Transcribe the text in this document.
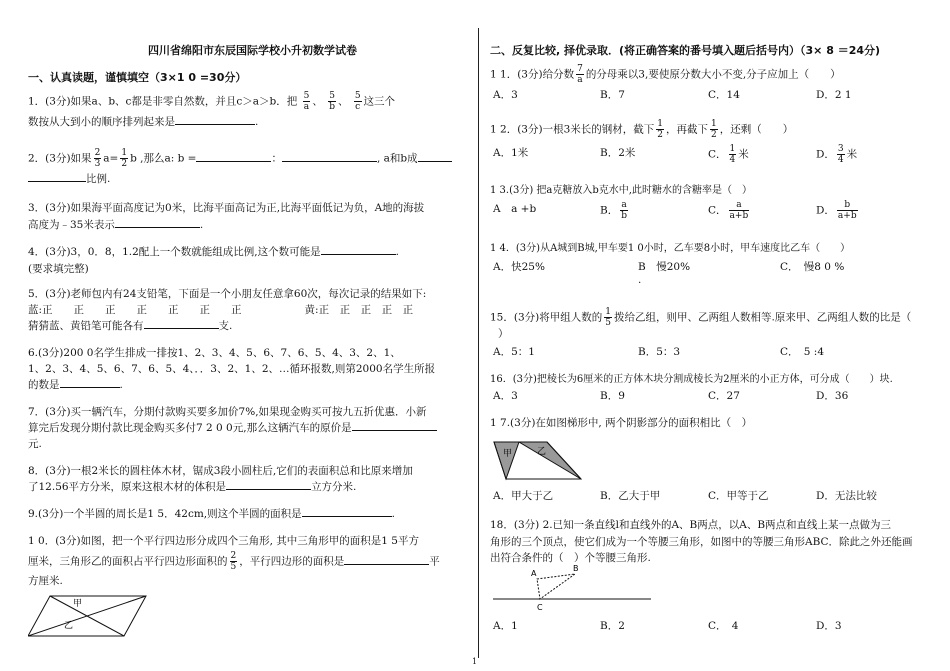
四川省绵阳市东辰国际学校小升初数学试卷
一、认真读题，谨慎填空（3×1 0 =30分）
1．(3分)如果a、b、c都是非零自然数，并且c＞a＞b．把 $\frac{5}{a}$ 、 $\frac{5}{b}$ 、 $\frac{5}{c}$ 这三个
数按从大到小的顺序排列起来是	.
2．(3分)如果 $\frac{2}{3} a= \frac{1}{2}$ b ,那么a: b =	：	, a和b成
比例.
3．(3分)如果海平面高度记为0米，比海平面高记为正,比海平面低记为负，A地的海拔
高度为﹣35米表示	.
4．(3分)3，0．8，1.2配上一个数就能组成比例,这个数可能是	.
(要求填完整)
5．(3分)老师包内有24支铅笔，下面是一个小朋友任意拿60次，每次记录的结果如下:
蓝:正　　正　　正　　正　　正　　正　　正　　　　　　黄:正　正　正　正　正
猜猜蓝、黄铅笔可能各有	支.
6.(3分)200 0名学生排成一排按1、2、3、4、5、6、7、6、5、4、3、2、1、
1、2、3、4、5、6、7、6、5、4、．．3、2、1、2、…循环报数,则第2000名学生所报
的数是	.
7．(3分)买一辆汽车，分期付款购买要多加价7%,如果现金购买可按九五折优惠．小新
算完后发现分期付款比现金购买多付7 2 0 0元,那么这辆汽车的原价是
元.
8．(3分)一根2米长的圆柱体木材，锯成3段小圆柱后,它们的表面积总和比原来增加
了12.56平方分米，原来这根木材的体积是	立方分米.
9.(3分)一个半圆的周长是1 5．42cm,则这个半圆的面积是	.
1 0．(3分)如图，把一个平行四边形分成四个三角形, 其中三角形甲的面积是1 5平方
厘米，三角形乙的面积占平行四边形面积的 $\frac{2}{5}$ ，平行四边形的面积是	平
方厘米.
甲
乙
二、反复比较, 择优录取．(将正确答案的番号填入题后括号内）（3× 8 ＝24分)
1 1．(3分)给分数 $\frac{7}{a}$ 的分母乘以3,要使原分数大小不变,分子应加上（　　）
A．3	B．7	C．14	D．2 1
1 2．(3分)一根3米长的钢材，截下 $\frac{1}{2}$ ，再截下 $\frac{1}{2}$ ，还剩（　　）
A．1米	B．2米	C． $\frac{1}{4}$ 米	D． $\frac{3}{4}$ 米
1 3.(3分) 把a克糖放入b克水中,此时糖水的含糖率是（　）
A　a +b	B． $\frac{a}{b}$	C． $\frac{a}{a+b}$	D． $\frac{b}{a+b}$
1 4．(3分)从A城到B城,甲车要1 0小时，乙车要8小时，甲车速度比乙车（　　）
A．快25%	B　慢20%	C．　慢8 0 %
.
15．(3分)将甲组人数的 $\frac{1}{5}$ 拨给乙组，则甲、乙两组人数相等.原来甲、乙两组人数的比是（
）
A．5：1	B．5：3	C．　5 :4
16．(3分)把棱长为6厘米的正方体木块分割成棱长为2厘米的小正方体，可分成（　　）块.
A．3	B．9	C．27	D．36
1 7.(3分)在如图梯形中, 两个阴影部分的面积相比（　）
甲	乙
A．甲大于乙	B．乙大于甲	C．甲等于乙	D．无法比较
18．(3分) 2.已知一条直线l和直线外的A、B两点，以A、B两点和直线上某一点做为三
角形的三个顶点，使它们成为一个等腰三角形，如图中的等腰三角形ABC．除此之外还能画
出符合条件的（　）个等腰三角形.
A
B
C
A．1	B．2	C．　4	D．3
1
